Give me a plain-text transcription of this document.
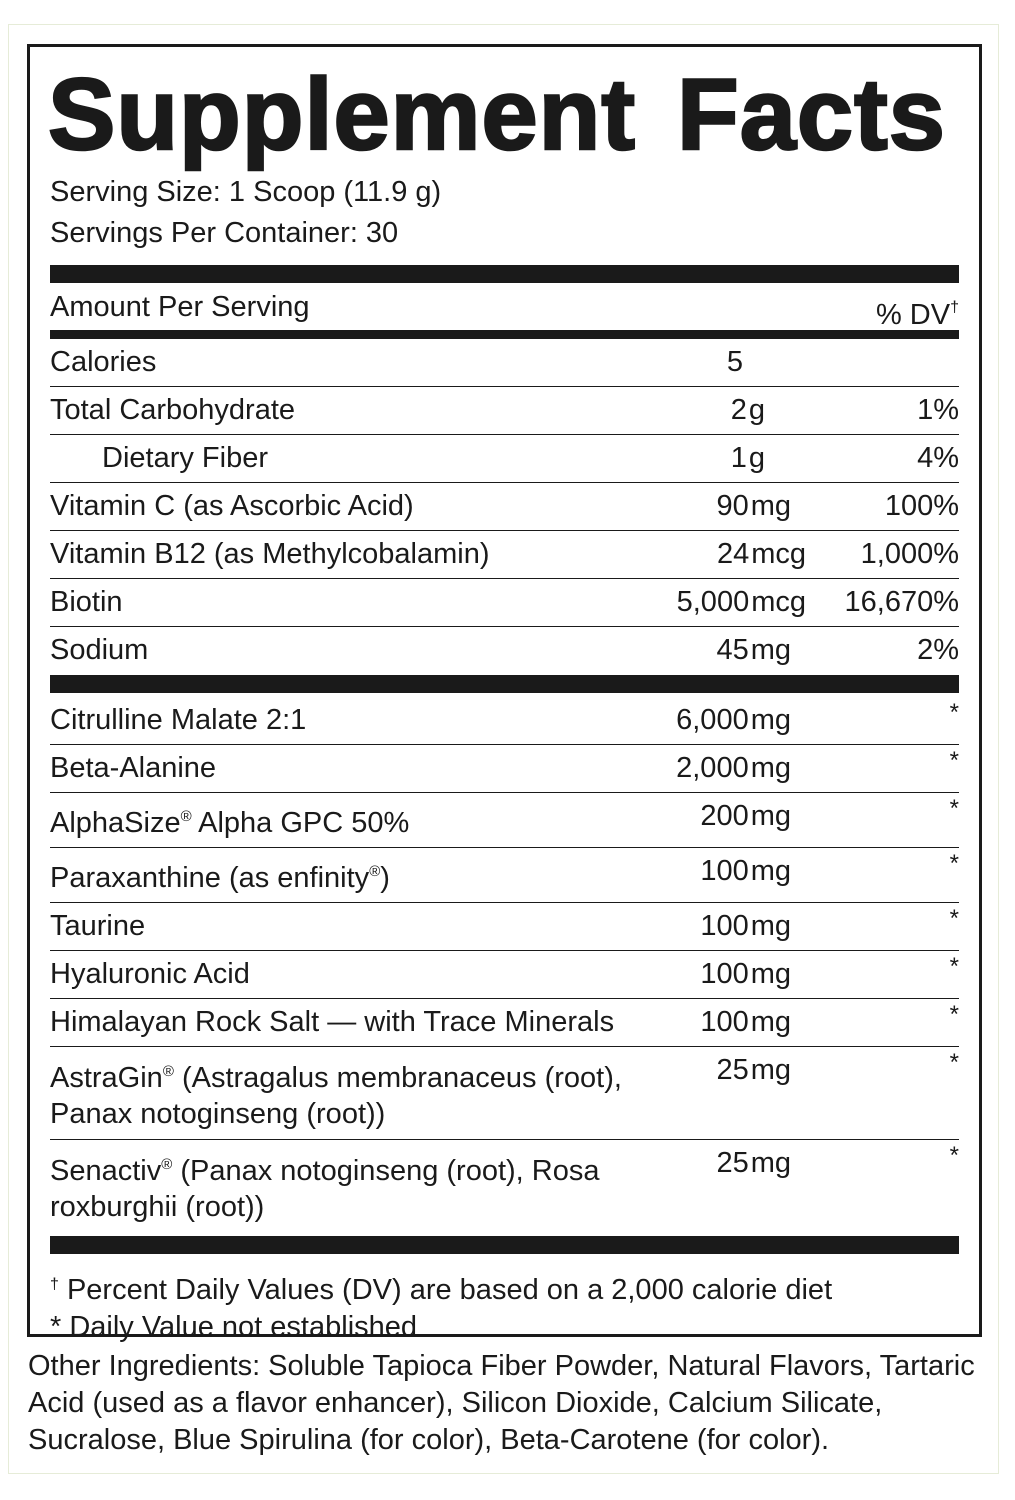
Supplement Facts

Serving Size: 1 Scoop (11.9 g)

Servings Per Container: 30

Amount Per Serving	% DV†
Calories	5
Total Carbohydrate	2g	1%
Dietary Fiber	1g	4%
Vitamin C (as Ascorbic Acid)	90mg	100%
Vitamin B12 (as Methylcobalamin)	24mcg 1,000%
Biotin	5,000mcg 16,670%
Sodium	45mg	2%
Citrulline Malate 2:1	6,000mg	*
Beta-Alanine	2,000mg	*
AlphaSize® Alpha GPC 50%	200mg	*
Paraxanthine (as enfinity®)	100mg	*
Taurine	100mg	*
Hyaluronic Acid	100mg	*
Himalayan Rock Salt — with Trace Minerals	100mg	*
AstraGin® (Astragalus membranaceus (root), Panax notoginseng (root))
25mg	*
Senactiv® (Panax notoginseng (root), Rosa roxburghii (root))
25mg	*
† Percent Daily Values (DV) are based on a 2,000 calorie diet
* Daily Value not established
Other Ingredients: Soluble Tapioca Fiber Powder, Natural Flavors, Tartaric Acid (used as a flavor enhancer), Silicon Dioxide, Calcium Silicate, Sucralose, Blue Spirulina (for color), Beta-Carotene (for color).
